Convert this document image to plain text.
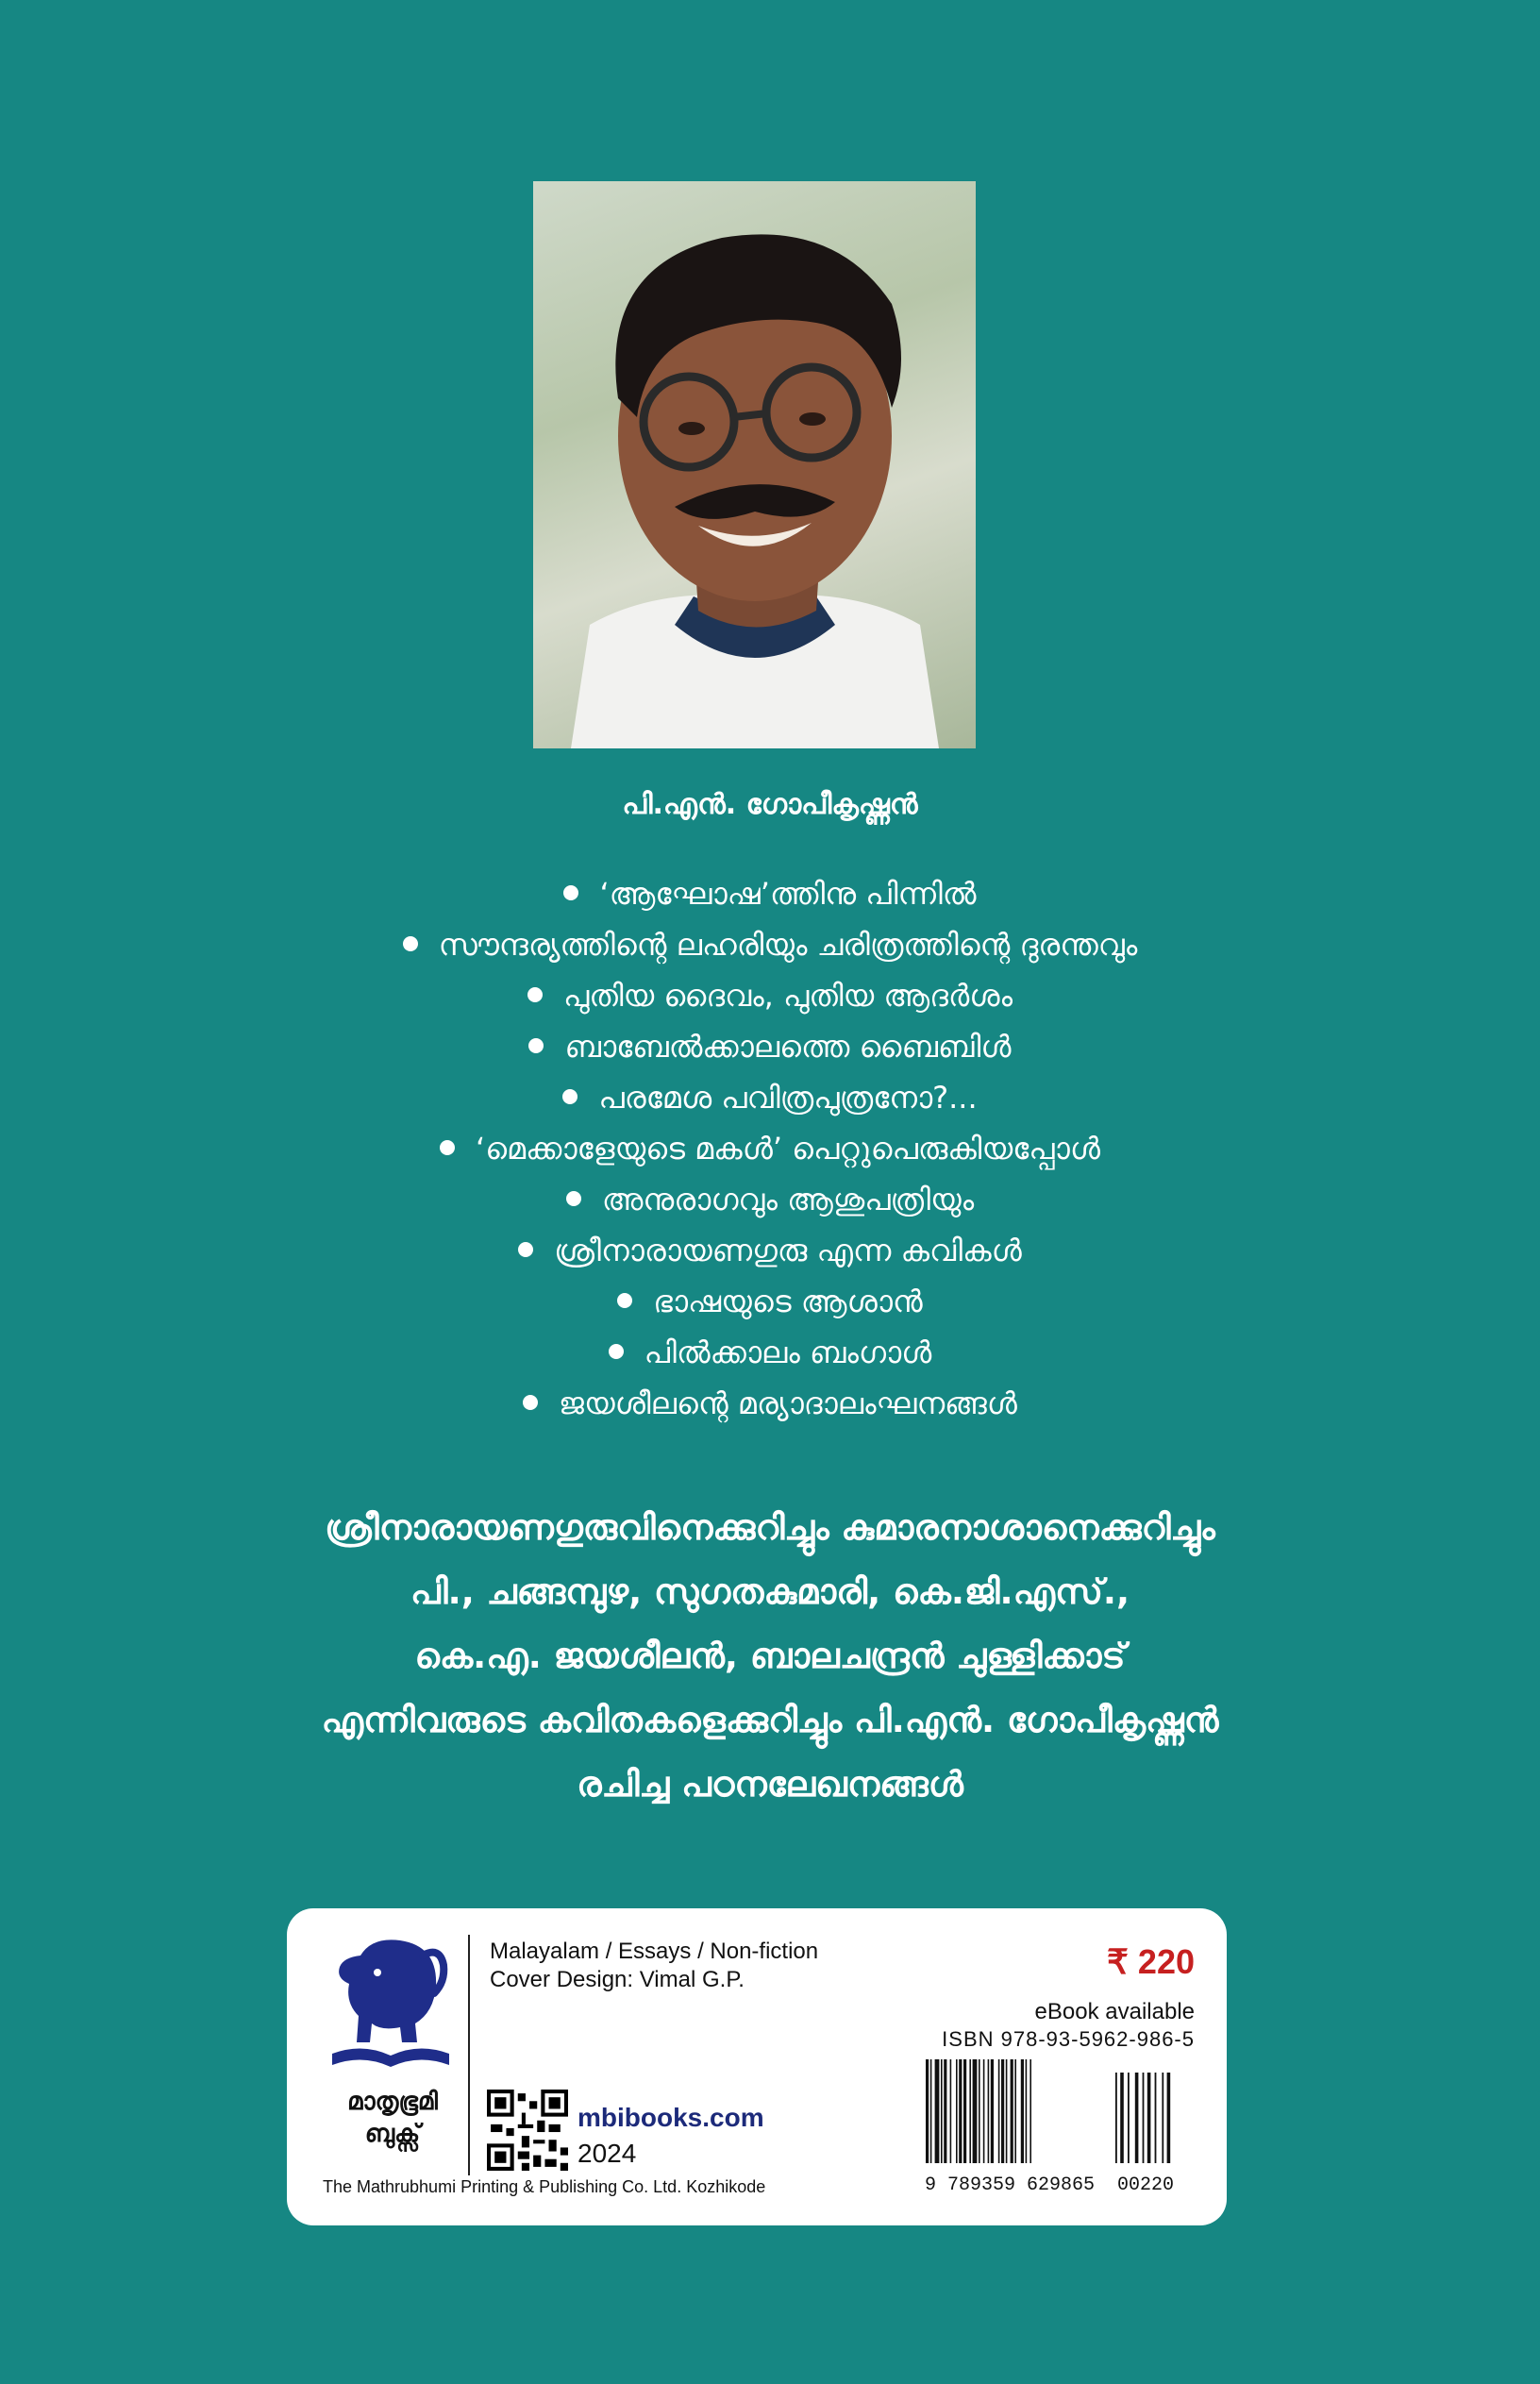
പി.എൻ. ഗോപീകൃഷ്ണൻ
‘ആഘോഷ’ത്തിനു പിന്നിൽ
സൗന്ദര്യത്തിന്റെ ലഹരിയും ചരിത്രത്തിന്റെ ദുരന്തവും
പുതിയ ദൈവം, പുതിയ ആദർശം
ബാബേൽക്കാലത്തെ ബൈബിൾ
പരമേശ പവിത്രപുത്രനോ?...
‘മെക്കാളേയുടെ മകൾ’ പെറ്റുപെരുകിയപ്പോൾ
അനുരാഗവും ആശുപത്രിയും
ശ്രീനാരായണഗുരു എന്ന കവികൾ
ഭാഷയുടെ ആശാൻ
പിൽക്കാലം ബംഗാൾ
ജയശീലന്റെ മര്യാദാലംഘനങ്ങൾ
ശ്രീനാരായണഗുരുവിനെക്കുറിച്ചും കുമാരനാശാനെക്കുറിച്ചും
പി., ചങ്ങമ്പുഴ, സുഗതകുമാരി, കെ.ജി.എസ്.,
കെ.എ. ജയശീലൻ, ബാലചന്ദ്രൻ ചുള്ളിക്കാട്
എന്നിവരുടെ കവിതകളെക്കുറിച്ചും പി.എൻ. ഗോപീകൃഷ്ണൻ
രചിച്ച പഠനലേഖനങ്ങൾ
മാതൃഭൂമി
ബുക്സ്
The Mathrubhumi Printing & Publishing Co. Ltd. Kozhikode
Malayalam / Essays / Non-fiction
Cover Design: Vimal G.P.
mbibooks.com
2024
₹ 220
eBook available
ISBN 978-93-5962-986-5
9 789359 629865 00220
